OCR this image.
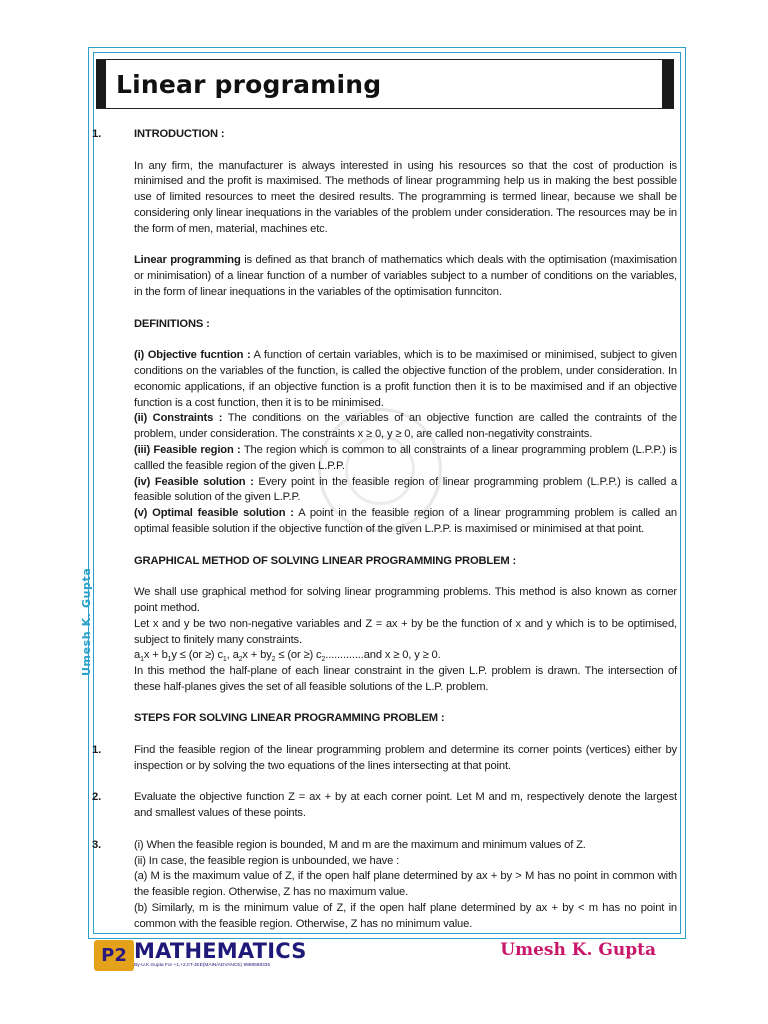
Linear programing
Umesh K. Gupta
1.	INTRODUCTION :

In any firm, the manufacturer is always interested in using his resources so that the cost of production is minimised and the profit is maximised. The methods of linear programming help us in making the best possible use of limited resources to meet the desired results. The programming is termed linear, because we shall be considering only linear inequations in the variables of the problem under consideration. The resources may be in the form of men, material, machines etc.

Linear programming is defined as that branch of mathematics which deals with the optimisation (maximisation or minimisation) of a linear function of a number of variables subject to a number of conditions on the variables, in the form of linear inequations in the variables of the optimisation funnciton.

DEFINITIONS :

(i) Objective fucntion : A function of certain variables, which is to be maximised or minimised, subject to given conditions on the variables of the function, is called the objective function of the problem, under consideration. In economic applications, if an objective function is a profit function then it is to be maximised and if an objective function is a cost function, then it is to be minimised.

(ii) Constraints : The conditions on the variables of an objective function are called the contraints of the problem, under consideration. The constraints x ≥ 0, y ≥ 0, are called non-negativity constraints.

(iii) Feasible region : The region which is common to all constraints of a linear programming problem (L.P.P.) is callled the feasible region of the given L.P.P.

(iv) Feasible solution : Every point in the feasible region of linear programming problem (L.P.P.) is called a feasible solution of the given L.P.P.

(v) Optimal feasible solution : A point in the feasible region of a linear programming problem is called an optimal feasible solution if the objective function of the given L.P.P. is maximised or minimised at that point.

GRAPHICAL METHOD OF SOLVING LINEAR PROGRAMMING PROBLEM :

We shall use graphical method for solving linear programming problems. This method is also known as corner point method.

Let x and y be two non-negative variables and Z = ax + by be the function of x and y which is to be optimised, subject to finitely many constraints.

$a_1x + b_1y \le (or$ ≥) $c_1$, $a_2x + by_2 \le (or$ ≥) $c_2.............and$ x ≥ 0, y ≥ 0.

In this method the half-plane of each linear constraint in the given L.P. problem is drawn. The intersection of these half-planes gives the set of all feasible solutions of the L.P. problem.

STEPS FOR SOLVING LINEAR PROGRAMMING PROBLEM :
1.	Find the feasible region of the linear programming problem and determine its corner points (vertices) either by inspection or by solving the two equations of the lines intersecting at that point.

2.	Evaluate the objective function Z = ax + by at each corner point. Let M and m, respectively denote the largest and smallest values of these points.

3.	(i) When the feasible region is bounded, M and m are the maximum and minimum values of Z.

(ii) In case, the feasible region is unbounded, we have :

(a) M is the maximum value of Z, if the open half plane determined by ax + by > M has no point in common with the feasible region. Otherwise, Z has no maximum value.

(b) Similarly, m is the minimum value of Z, if the open half plane determined by ax + by < m has no point in common with the feasible region. Otherwise, Z has no minimum value.

P2 MATHEMATICS
By-U.K.Gupta For +1,+2,IIT-JEE(MAIN/ADVANCE) 9988588335
Umesh K. Gupta
